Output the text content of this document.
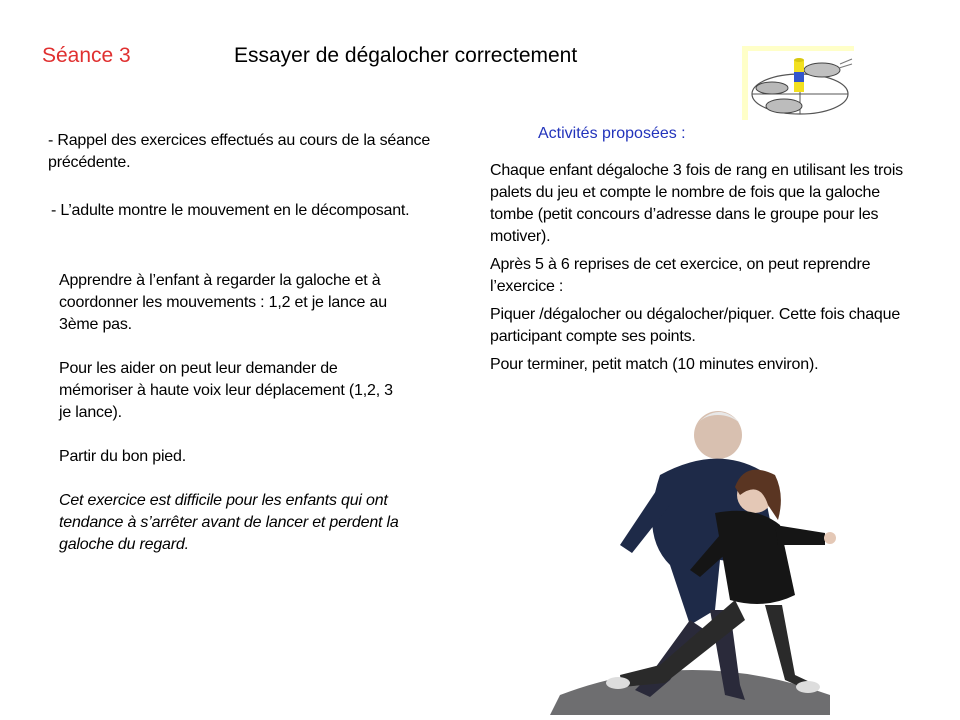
Séance 3	Essayer de dégalocher correctement

- Rappel des exercices effectués au cours de la séance précédente.

- L’adulte montre le mouvement en le décomposant.

Apprendre à l’enfant à regarder la galoche et à coordonner les mouvements : 1,2 et je lance au 3ème pas.

Pour les aider on peut leur demander de mémoriser à haute voix leur déplacement (1,2, 3 je lance).

Partir du bon pied.

Cet exercice est difficile pour les enfants qui ont tendance à s’arrêter avant de lancer et perdent la galoche du regard.

Activités proposées :

Chaque enfant dégaloche 3 fois de rang en utilisant les trois palets du jeu et compte le nombre de fois que la galoche tombe (petit concours d’adresse dans le groupe pour les motiver).

Après 5 à 6 reprises de cet exercice, on peut reprendre l’exercice :

Piquer /dégalocher ou dégalocher/piquer. Cette fois chaque participant compte ses points.

Pour terminer, petit match (10 minutes environ).
